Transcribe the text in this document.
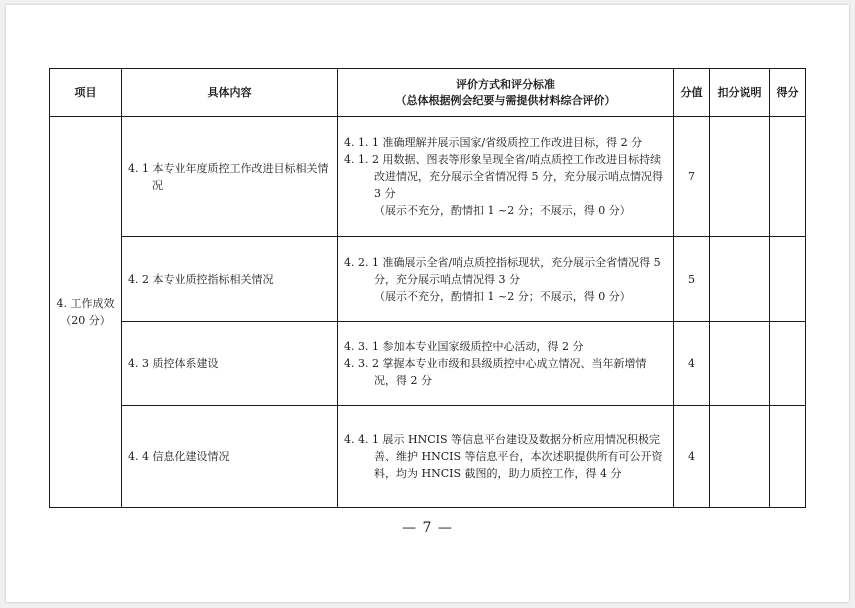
项目	具体内容	评价方式和评分标准
（总体根据例会纪要与需提供材料综合评价）	分值	扣分说明	得分

4. 工作成效
（20 分）	4. 1 本专业年度质控工作改进目标相关情况	4. 1. 1 准确理解并展示国家/省级质控工作改进目标，得 2 分
4. 1. 2 用数据、图表等形象呈现全省/哨点质控工作改进目标持续改进情况，充分展示全省情况得 5 分，充分展示哨点情况得 3 分
（展示不充分，酌情扣 1 ~2 分；不展示，得 0 分）	7		

	4. 2 本专业质控指标相关情况	4. 2. 1 准确展示全省/哨点质控指标现状，充分展示全省情况得 5 分，充分展示哨点情况得 3 分
（展示不充分，酌情扣 1 ~2 分；不展示，得 0 分）	5		

	4. 3 质控体系建设	4. 3. 1 参加本专业国家级质控中心活动，得 2 分
4. 3. 2 掌握本专业市级和县级质控中心成立情况、当年新增情况，得 2 分	4		

	4. 4 信息化建设情况	4. 4. 1 展示 HNCIS 等信息平台建设及数据分析应用情况积极完善、维护 HNCIS 等信息平台，本次述职提供所有可公开资料，均为 HNCIS 截图的，助力质控工作，得 4 分	4		
— 7 —
